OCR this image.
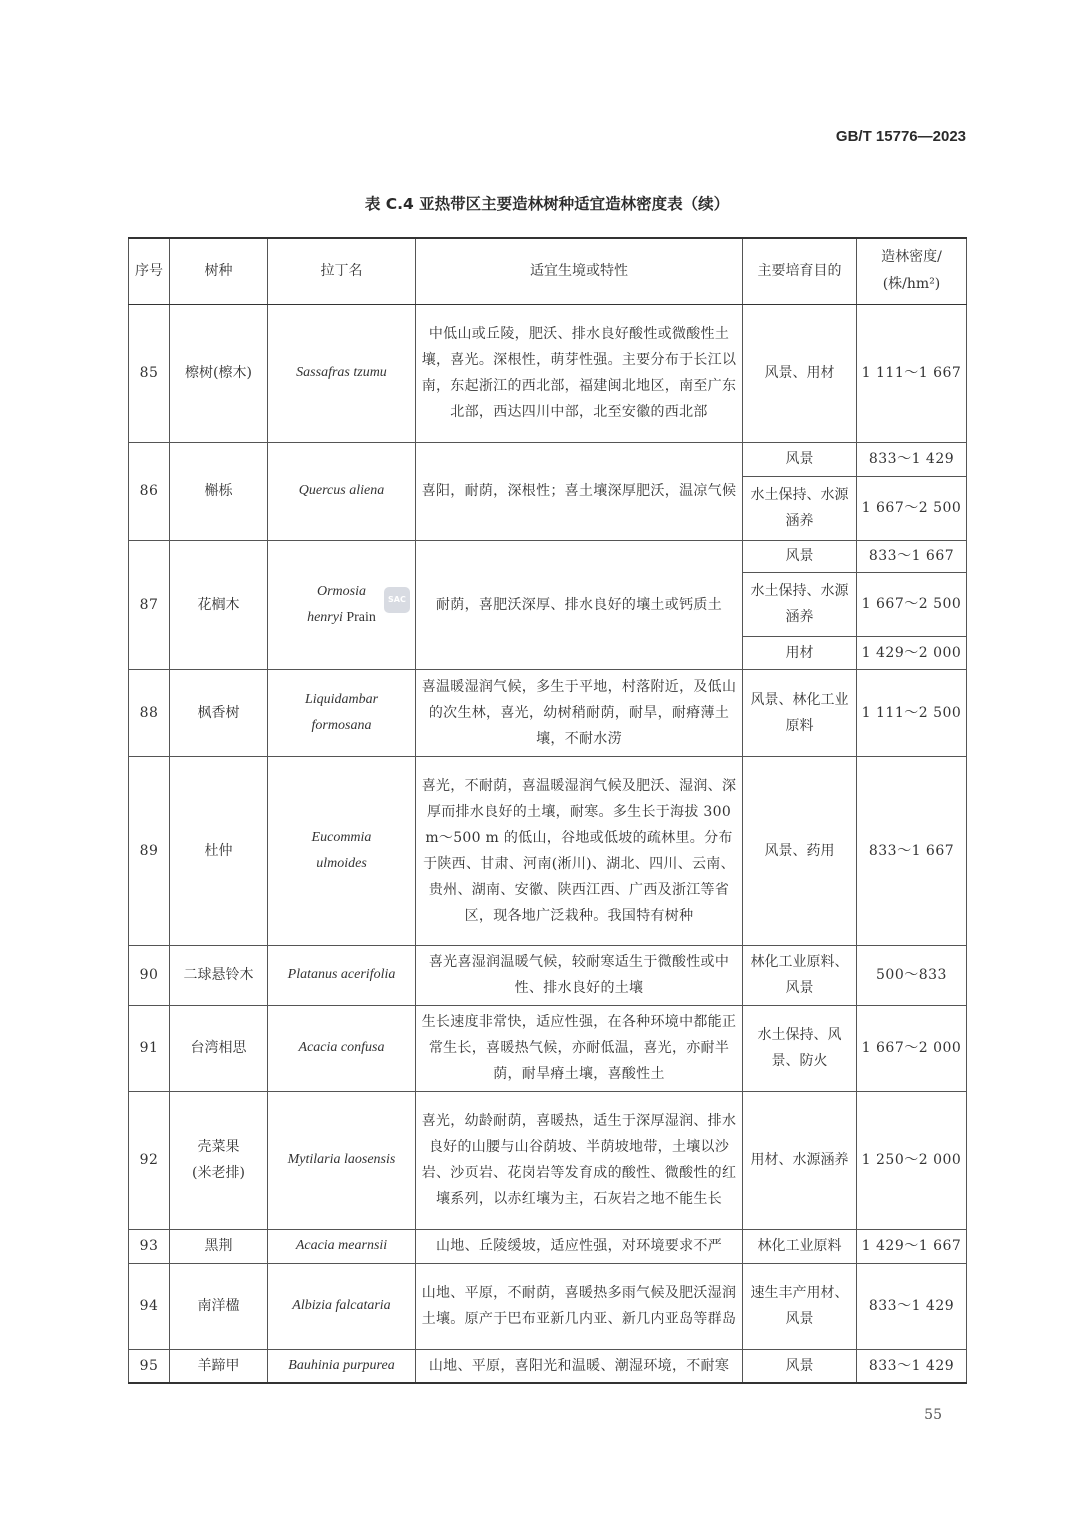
GB/T 15776—2023
表 C.4 亚热带区主要造林树种适宜造林密度表（续）
序号	树种	拉丁名	适宜生境或特性	主要培育目的	造林密度/
(株/hm²)

85	檫树(檫木)	Sassafras tzumu	中低山或丘陵，肥沃、排水良好酸性或微酸性土壤，喜光。深根性，萌芽性强。主要分布于长江以南，东起浙江的西北部，福建闽北地区，南至广东北部，西达四川中部，北至安徽的西北部	风景、用材	1 111～1 667
86	槲栎	Quercus aliena	喜阳，耐荫，深根性；喜土壤深厚肥沃，温凉气候	风景	833～1 429
				水土保持、水源涵养	1 667～2 500
87	花榈木	Ormosia
henryi Prain
SAC	耐荫，喜肥沃深厚、排水良好的壤土或钙质土	风景	833～1 667
				水土保持、水源涵养	1 667～2 500
				用材	1 429～2 000
88	枫香树	Liquidambar
formosana	喜温暖湿润气候，多生于平地，村落附近，及低山的次生林，喜光，幼树稍耐荫，耐旱，耐瘠薄土壤，不耐水涝	风景、林化工业原料	1 111～2 500
89	杜仲	Eucommia
ulmoides	喜光，不耐荫，喜温暖湿润气候及肥沃、湿润、深厚而排水良好的土壤，耐寒。多生长于海拔 300 m～500 m 的低山，谷地或低坡的疏林里。分布于陕西、甘肃、河南(淅川)、湖北、四川、云南、贵州、湖南、安徽、陕西江西、广西及浙江等省区，现各地广泛栽种。我国特有树种	风景、药用	833～1 667
90	二球悬铃木	Platanus acerifolia	喜光喜湿润温暖气候，较耐寒适生于微酸性或中性、排水良好的土壤	林化工业原料、风景	500～833
91	台湾相思	Acacia confusa	生长速度非常快，适应性强，在各种环境中都能正常生长，喜暖热气候，亦耐低温，喜光，亦耐半荫，耐旱瘠土壤，喜酸性土	水土保持、风景、防火	1 667～2 000
92	壳菜果
(米老排)	Mytilaria laosensis	喜光，幼龄耐荫，喜暖热，适生于深厚湿润、排水良好的山腰与山谷荫坡、半荫坡地带，土壤以沙岩、沙页岩、花岗岩等发育成的酸性、微酸性的红壤系列，以赤红壤为主，石灰岩之地不能生长	用材、水源涵养	1 250～2 000
93	黑荆	Acacia mearnsii	山地、丘陵缓坡，适应性强，对环境要求不严	林化工业原料	1 429～1 667
94	南洋楹	Albizia falcataria	山地、平原，不耐荫，喜暖热多雨气候及肥沃湿润土壤。原产于巴布亚新几内亚、新几内亚岛等群岛	速生丰产用材、风景	833～1 429
95	羊蹄甲	Bauhinia purpurea	山地、平原，喜阳光和温暖、潮湿环境，不耐寒	风景	833～1 429
55
